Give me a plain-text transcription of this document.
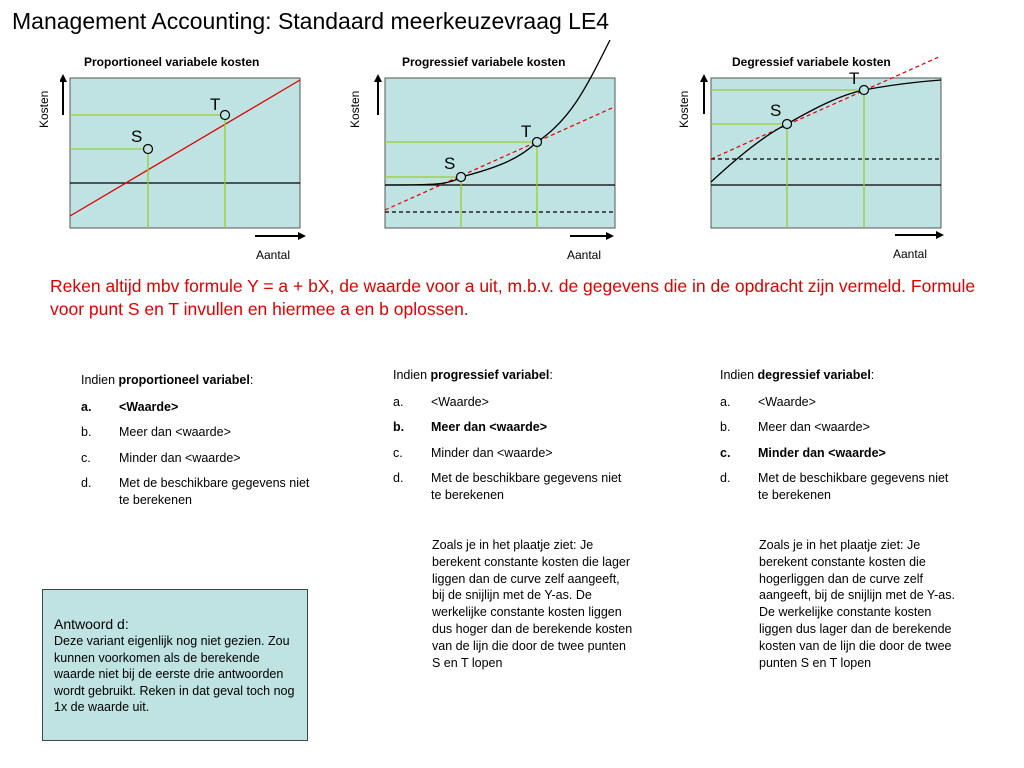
Management Accounting: Standaard meerkeuzevraag LE4
Proportioneel variabele kosten
Kosten
Aantal
S
T
Progressief variabele kosten
Kosten
Aantal
S
T
Degressief variabele kosten
Kosten
Aantal
S
T
Reken altijd mbv formule Y = a + bX, de waarde voor a uit, m.b.v. de gegevens die in de opdracht zijn vermeld. Formule voor punt S en T invullen en hiermee a en b oplossen.
Indien proportioneel variabel:
a. <Waarde>
b. Meer dan <waarde>
c. Minder dan <waarde>
d. Met de beschikbare gegevens niet te berekenen
Indien progressief variabel:
a. <Waarde>
b. Meer dan <waarde>
c. Minder dan <waarde>
d. Met de beschikbare gegevens niet te berekenen
Zoals je in het plaatje ziet: Je berekent constante kosten die lager liggen dan de curve zelf aangeeft, bij de snijlijn met de Y-as. De werkelijke constante kosten liggen dus hoger dan de berekende kosten van de lijn die door de twee punten S en T lopen
Indien degressief variabel:
a. <Waarde>
b. Meer dan <waarde>
c. Minder dan <waarde>
d. Met de beschikbare gegevens niet te berekenen
Zoals je in het plaatje ziet: Je berekent constante kosten die hogerliggen dan de curve zelf aangeeft, bij de snijlijn met de Y-as. De werkelijke constante kosten liggen dus lager dan de berekende kosten van de lijn die door de twee punten S en T lopen
Antwoord d:
Deze variant eigenlijk nog niet gezien. Zou kunnen voorkomen als de berekende waarde niet bij de eerste drie antwoorden wordt gebruikt. Reken in dat geval toch nog 1x de waarde uit.
